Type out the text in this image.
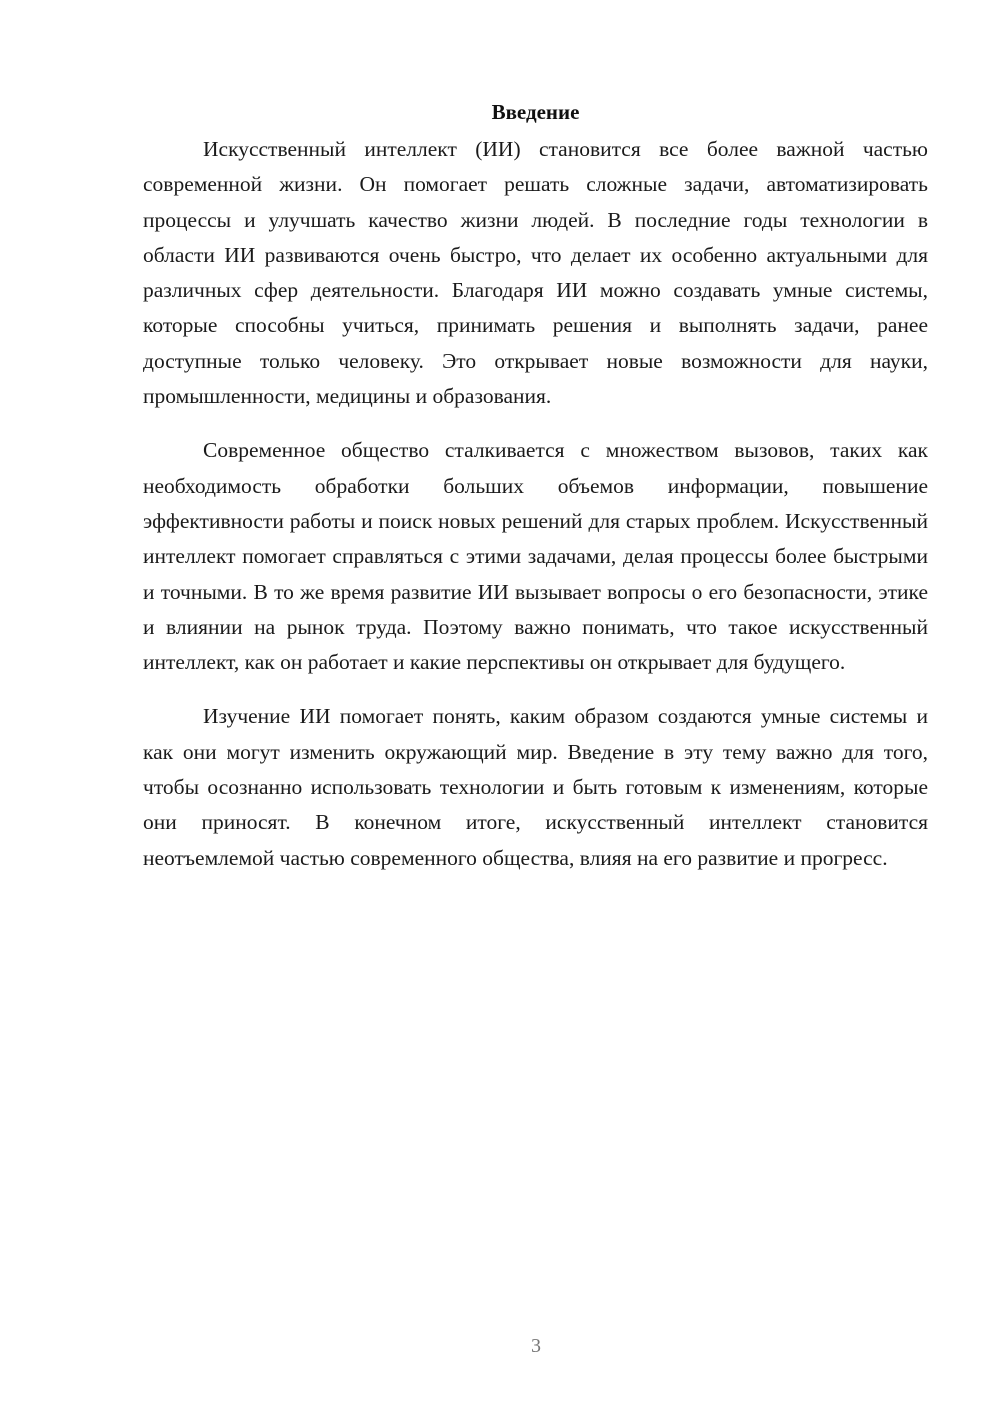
Введение

Искусственный интеллект (ИИ) становится все более важной частью современной жизни. Он помогает решать сложные задачи, автоматизировать процессы и улучшать качество жизни людей. В последние годы технологии в области ИИ развиваются очень быстро, что делает их особенно актуальными для различных сфер деятельности. Благодаря ИИ можно создавать умные системы, которые способны учиться, принимать решения и выполнять задачи, ранее доступные только человеку. Это открывает новые возможности для науки, промышленности, медицины и образования.

Современное общество сталкивается с множеством вызовов, таких как необходимость обработки больших объемов информации, повышение эффективности работы и поиск новых решений для старых проблем. Искусственный интеллект помогает справляться с этими задачами, делая процессы более быстрыми и точными. В то же время развитие ИИ вызывает вопросы о его безопасности, этике и влиянии на рынок труда. Поэтому важно понимать, что такое искусственный интеллект, как он работает и какие перспективы он открывает для будущего.

Изучение ИИ помогает понять, каким образом создаются умные системы и как они могут изменить окружающий мир. Введение в эту тему важно для того, чтобы осознанно использовать технологии и быть готовым к изменениям, которые они приносят. В конечном итоге, искусственный интеллект становится неотъемлемой частью современного общества, влияя на его развитие и прогресс.

3
